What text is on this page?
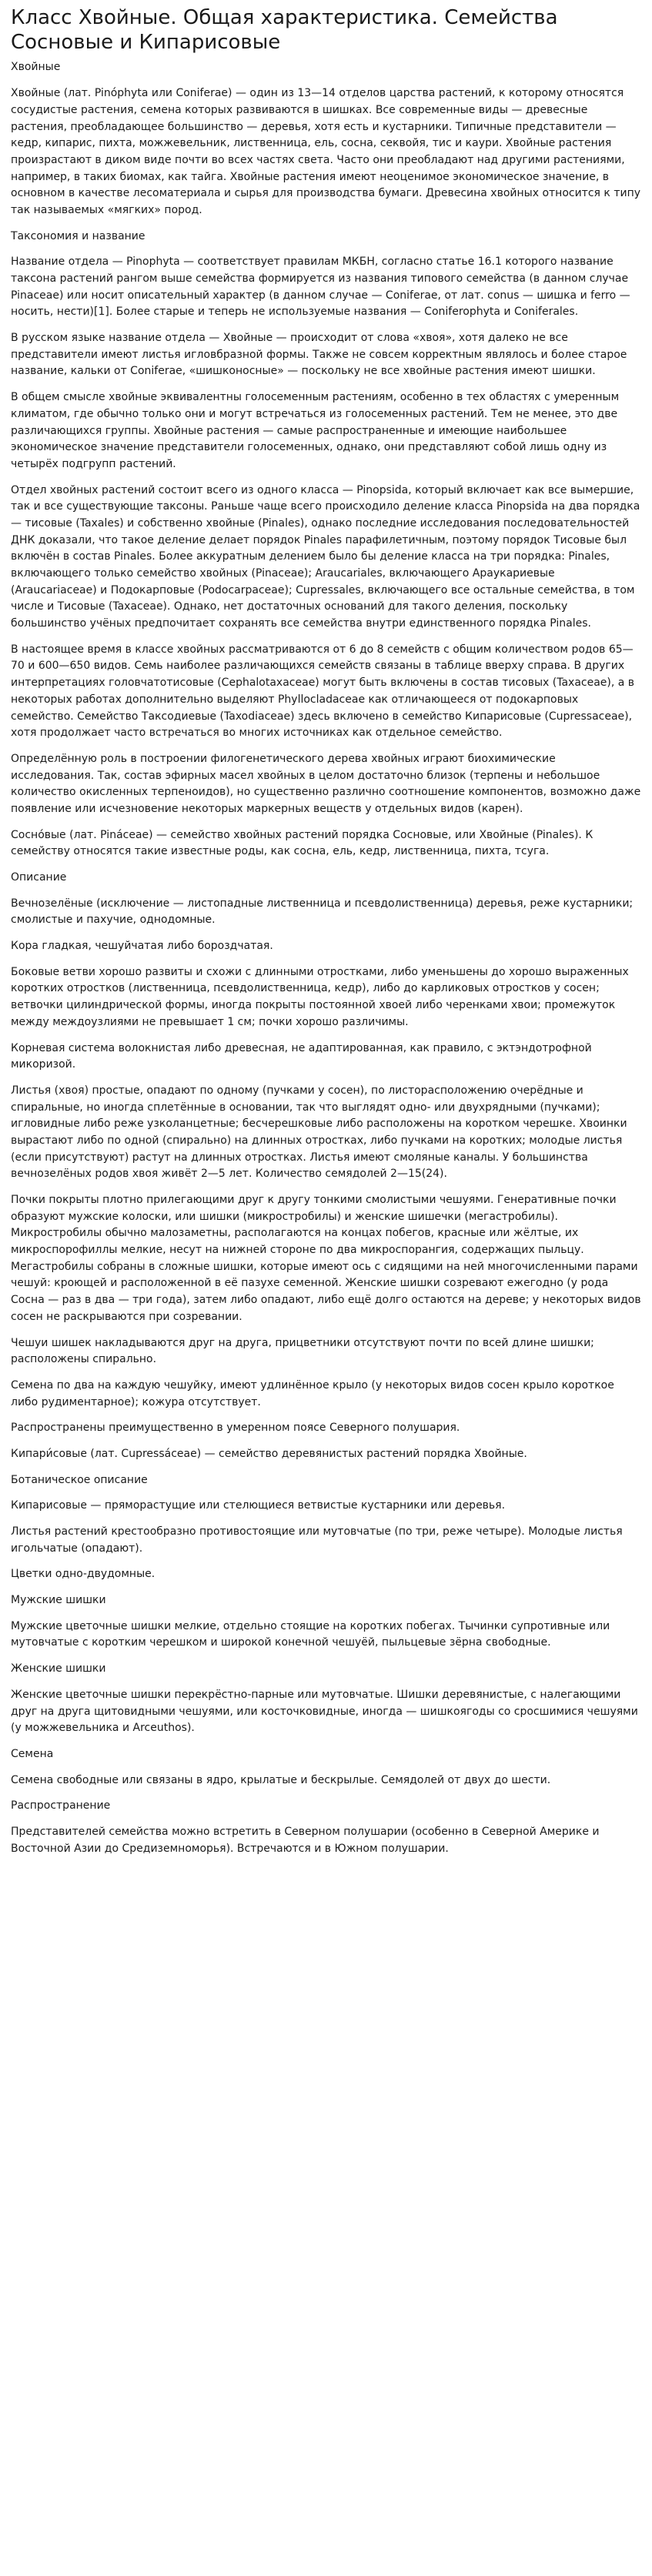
Класс Хвойные. Общая характеристика. Семейства Сосновые и Кипарисовые
Хвойные

Хвойные (лат. Pinóphyta или Coniferae) — один из 13—14 отделов царства растений, к которому относятся сосудистые растения, семена которых развиваются в шишках. Все современные виды — древесные растения, преобладающее большинство — деревья, хотя есть и кустарники. Типичные представители — кедр, кипарис, пихта, можжевельник, лиственница, ель, сосна, секвойя, тис и каури. Хвойные растения произрастают в диком виде почти во всех частях света. Часто они преобладают над другими растениями, например, в таких биомах, как тайга. Хвойные растения имеют неоценимое экономическое значение, в основном в качестве лесоматериала и сырья для производства бумаги. Древесина хвойных относится к типу так называемых «мягких» пород.

Таксономия и название

Название отдела — Pinophyta — соответствует правилам МКБН, согласно статье 16.1 которого название таксона растений рангом выше семейства формируется из названия типового семейства (в данном случае Pinaceae) или носит описательный характер (в данном случае — Coniferae, от лат. conus — шишка и ferro — носить, нести)[1]. Более старые и теперь не используемые названия — Coniferophyta и Coniferales.

В русском языке название отдела — Хвойные — происходит от слова «хвоя», хотя далеко не все представители имеют листья игловбразной формы. Также не совсем корректным являлось и более старое название, кальки от Coniferae, «шишконосные» — поскольку не все хвойные растения имеют шишки.

В общем смысле хвойные эквивалентны голосеменным растениям, особенно в тех областях с умеренным климатом, где обычно только они и могут встречаться из голосеменных растений. Тем не менее, это две различающихся группы. Хвойные растения — самые распространенные и имеющие наибольшее экономическое значение представители голосеменных, однако, они представляют собой лишь одну из четырёх подгрупп растений.

Отдел хвойных растений состоит всего из одного класса — Pinopsida, который включает как все вымершие, так и все существующие таксоны. Раньше чаще всего происходило деление класса Pinopsida на два порядка — тисовые (Taxales) и собственно хвойные (Pinales), однако последние исследования последовательностей ДНК доказали, что такое деление делает порядок Pinales парафилетичным, поэтому порядок Тисовые был включён в состав Pinales. Более аккуратным делением было бы деление класса на три порядка: Pinales, включающего только семейство хвойных (Pinaceae); Araucariales, включающего Араукариевые (Araucariaceae) и Подокарповые (Podocarpaceae); Cupressales, включающего все остальные семейства, в том числе и Тисовые (Taxaceae). Однако, нет достаточных оснований для такого деления, поскольку большинство учёных предпочитает сохранять все семейства внутри единственного порядка Pinales.

В настоящее время в классе хвойных рассматриваются от 6 до 8 семейств с общим количеством родов 65—70 и 600—650 видов. Семь наиболее различающихся семейств связаны в таблице вверху справа. В других интерпретациях головчатотисовые (Cephalotaxaceae) могут быть включены в состав тисовых (Taxaceae), а в некоторых работах дополнительно выделяют Phyllocladaceae как отличающееся от подокарповых семейство. Семейство Таксодиевые (Taxodiaceae) здесь включено в семейство Кипарисовые (Cupressaceae), хотя продолжает часто встречаться во многих источниках как отдельное семейство.

Определённую роль в построении филогенетического дерева хвойных играют биохимические исследования. Так, состав эфирных масел хвойных в целом достаточно близок (терпены и небольшое количество окисленных терпеноидов), но существенно различно соотношение компонентов, возможно даже появление или исчезновение некоторых маркерных веществ у отдельных видов (карен).

Сосно́вые (лат. Pináceae) — семейство хвойных растений порядка Сосновые, или Хвойные (Pinales). К семейству относятся такие известные роды, как сосна, ель, кедр, лиственница, пихта, тсуга.

Описание

Вечнозелёные (исключение — листопадные лиственница и псевдолиственница) деревья, реже кустарники; смолистые и пахучие, однодомные.

Кора гладкая, чешуйчатая либо бороздчатая.

Боковые ветви хорошо развиты и схожи с длинными отростками, либо уменьшены до хорошо выраженных коротких отростков (лиственница, псевдолиственница, кедр), либо до карликовых отростков у сосен; ветвочки цилиндрической формы, иногда покрыты постоянной хвоей либо черенками хвои; промежуток между междоузлиями не превышает 1 см; почки хорошо различимы.

Корневая система волокнистая либо древесная, не адаптированная, как правило, с эктэндотрофной микоризой.

Листья (хвоя) простые, опадают по одному (пучками у сосен), по листорасположению очерёдные и спиральные, но иногда сплетённые в основании, так что выглядят одно- или двухрядными (пучками); игловидные либо реже узколанцетные; бесчерешковые либо расположены на коротком черешке. Хвоинки вырастают либо по одной (спирально) на длинных отростках, либо пучками на коротких; молодые листья (если присутствуют) растут на длинных отростках. Листья имеют смоляные каналы. У большинства вечнозелёных родов хвоя живёт 2—5 лет. Количество семядолей 2—15(24).

Почки покрыты плотно прилегающими друг к другу тонкими смолистыми чешуями. Генеративные почки образуют мужские колоски, или шишки (микростробилы) и женские шишечки (мегастробилы). Микростробилы обычно малозаметны, располагаются на концах побегов, красные или жёлтые, их микроспорофиллы мелкие, несут на нижней стороне по два микроспорангия, содержащих пыльцу. Мегастробилы собраны в сложные шишки, которые имеют ось с сидящими на ней многочисленными парами чешуй: кроющей и расположенной в её пазухе семенной. Женские шишки созревают ежегодно (у рода Сосна — раз в два — три года), затем либо опадают, либо ещё долго остаются на дереве; у некоторых видов сосен не раскрываются при созревании.

Чешуи шишек накладываются друг на друга, прицветники отсутствуют почти по всей длине шишки; расположены спирально.

Семена по два на каждую чешуйку, имеют удлинённое крыло (у некоторых видов сосен крыло короткое либо рудиментарное); кожура отсутствует.

Распространены преимущественно в умеренном поясе Северного полушария.

Кипари́совые (лат. Cupressáceae) — семейство деревянистых растений порядка Хвойные.

Ботаническое описание

Кипарисовые — пряморастущие или стелющиеся ветвистые кустарники или деревья.

Листья растений крестообразно противостоящие или мутовчатые (по три, реже четыре). Молодые листья игольчатые (опадают).

Цветки одно-двудомные.
Мужские шишки

Мужские цветочные шишки мелкие, отдельно стоящие на коротких побегах. Тычинки супротивные или мутовчатые с коротким черешком и широкой конечной чешуёй, пыльцевые зёрна свободные.

Женские шишки

Женские цветочные шишки перекрёстно-парные или мутовчатые. Шишки деревянистые, с налегающими друг на друга щитовидными чешуями, или косточковидные, иногда — шишкоягоды со сросшимися чешуями (у можжевельника и Arceuthos).

Семена

Семена свободные или связаны в ядро, крылатые и бескрылые. Семядолей от двух до шести.

Распространение

Представителей семейства можно встретить в Северном полушарии (особенно в Северной Америке и Восточной Азии до Средиземноморья). Встречаются и в Южном полушарии.
